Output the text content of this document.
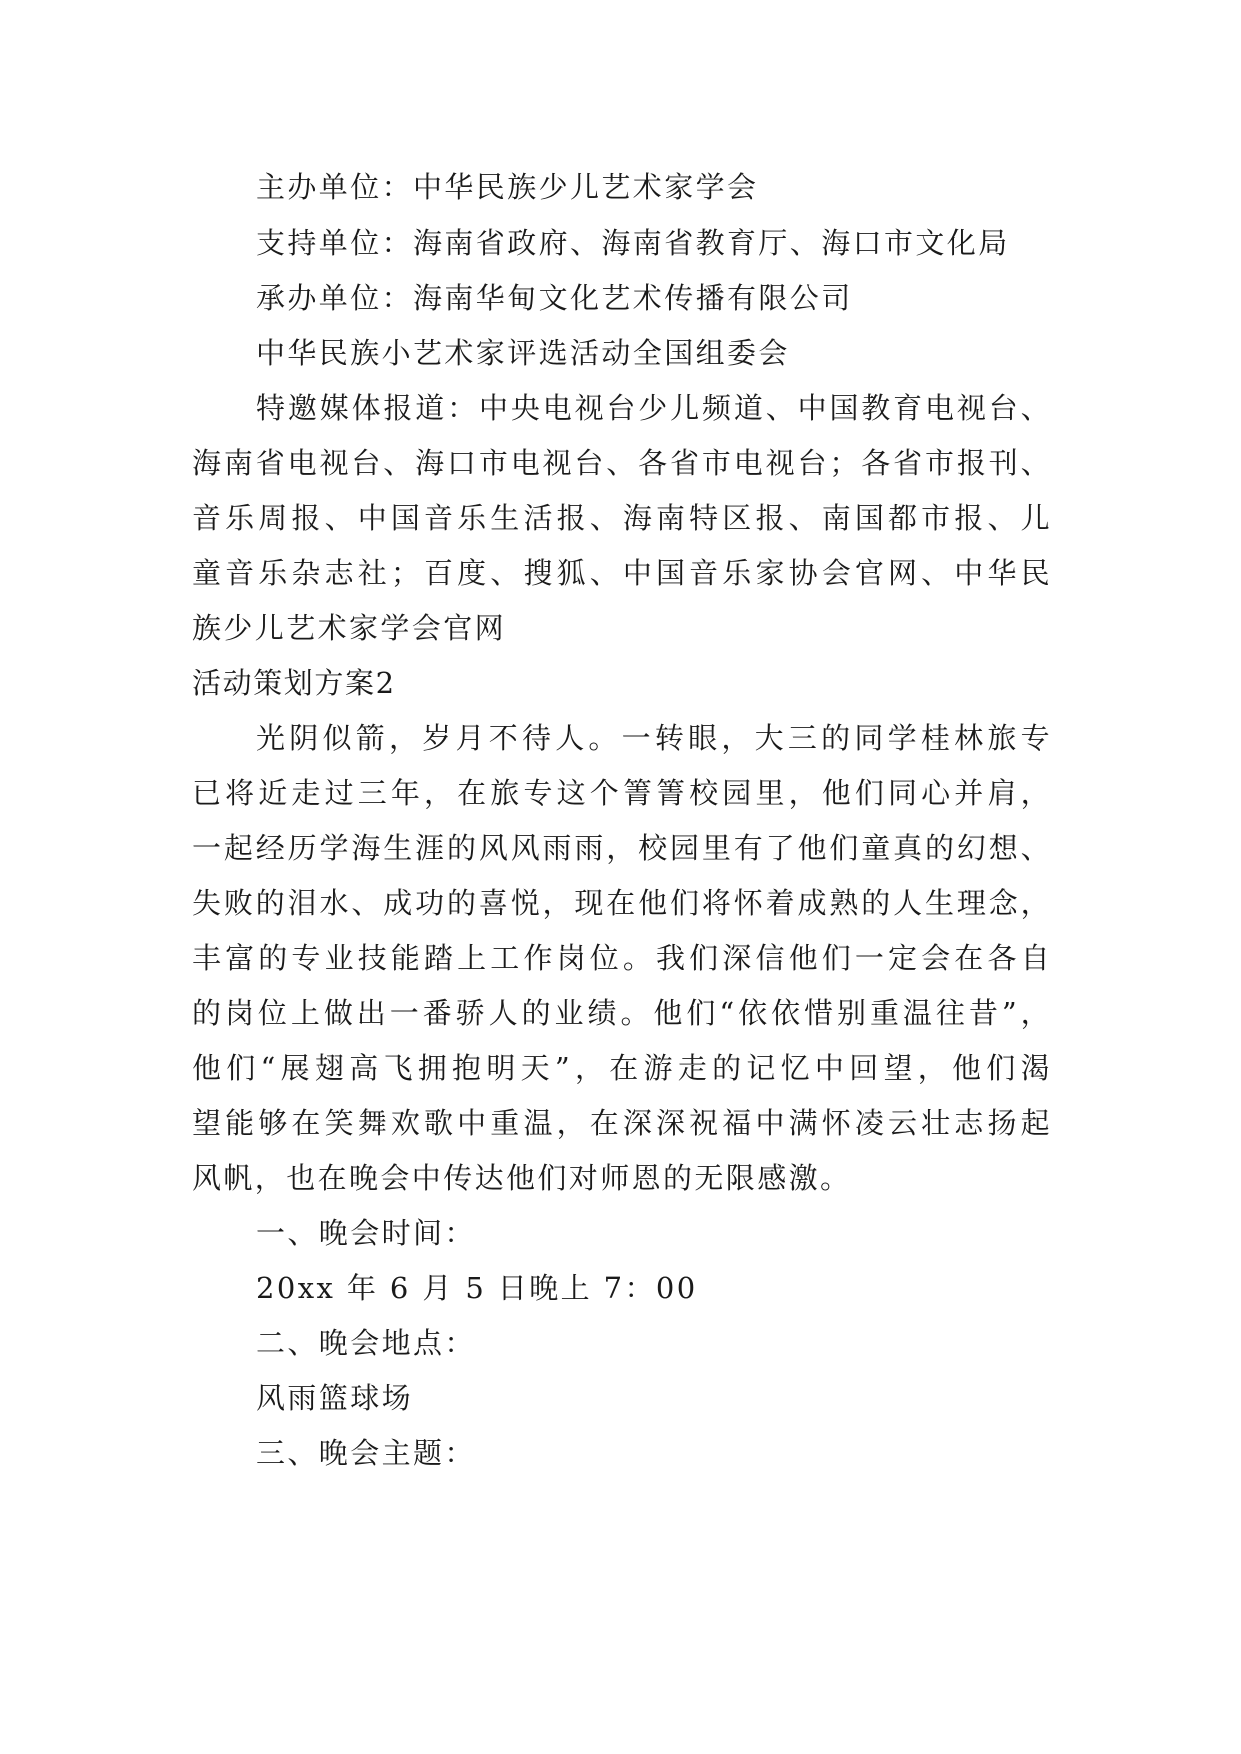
主办单位：中华民族少儿艺术家学会
支持单位：海南省政府、海南省教育厅、海口市文化局
承办单位：海南华甸文化艺术传播有限公司
中华民族小艺术家评选活动全国组委会
特邀媒体报道：中央电视台少儿频道、中国教育电视台、
海南省电视台、海口市电视台、各省市电视台；各省市报刊、
音乐周报、中国音乐生活报、海南特区报、南国都市报、儿
童音乐杂志社；百度、搜狐、中国音乐家协会官网、中华民
族少儿艺术家学会官网
活动策划方案2
光阴似箭，岁月不待人。一转眼，大三的同学桂林旅专
已将近走过三年，在旅专这个箐箐校园里，他们同心并肩，
一起经历学海生涯的风风雨雨，校园里有了他们童真的幻想、
失败的泪水、成功的喜悦，现在他们将怀着成熟的人生理念，
丰富的专业技能踏上工作岗位。我们深信他们一定会在各自
的岗位上做出一番骄人的业绩。他们“依依惜别重温往昔”，
他们“展翅高飞拥抱明天”，在游走的记忆中回望，他们渴
望能够在笑舞欢歌中重温，在深深祝福中满怀凌云壮志扬起
风帆，也在晚会中传达他们对师恩的无限感激。
一、晚会时间：
20xx 年 6 月 5 日晚上 7：00
二、晚会地点：
风雨篮球场
三、晚会主题：
